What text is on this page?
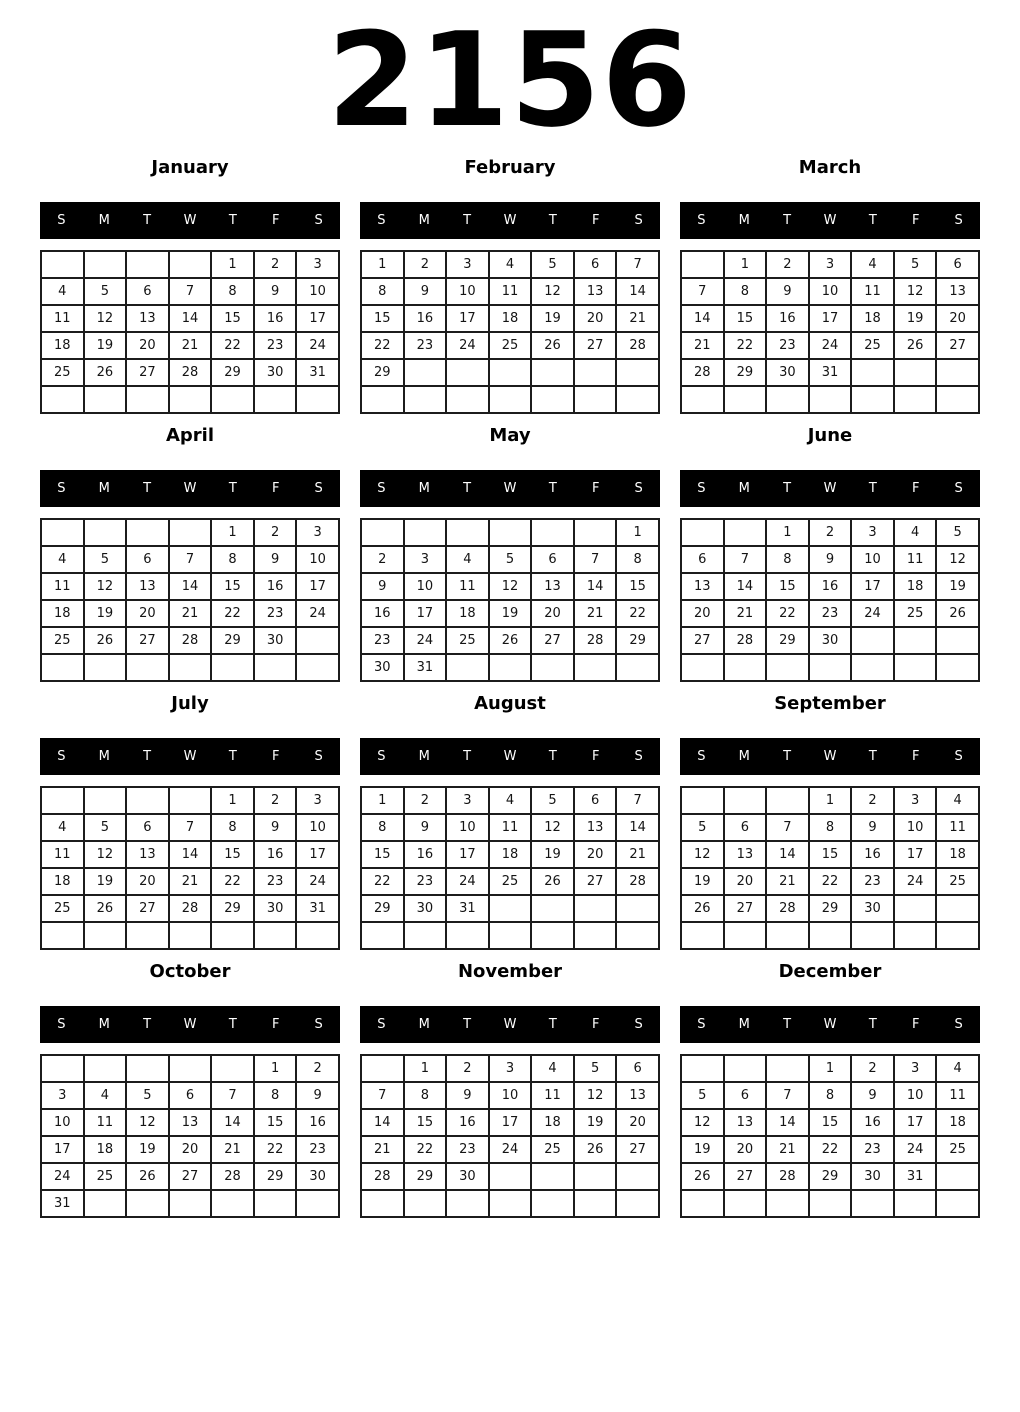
2156
January
S	M	T	W	T	F	S
				1	2	3
4	5	6	7	8	9	10
11	12	13	14	15	16	17
18	19	20	21	22	23	24
25	26	27	28	29	30	31

February
S	M	T	W	T	F	S
1	2	3	4	5	6	7
8	9	10	11	12	13	14
15	16	17	18	19	20	21
22	23	24	25	26	27	28
29						

March
S	M	T	W	T	F	S
	1	2	3	4	5	6
7	8	9	10	11	12	13
14	15	16	17	18	19	20
21	22	23	24	25	26	27
28	29	30	31			

April
S	M	T	W	T	F	S
				1	2	3
4	5	6	7	8	9	10
11	12	13	14	15	16	17
18	19	20	21	22	23	24
25	26	27	28	29	30	

May
S	M	T	W	T	F	S
						1
2	3	4	5	6	7	8
9	10	11	12	13	14	15
16	17	18	19	20	21	22
23	24	25	26	27	28	29
30	31					
June
S	M	T	W	T	F	S
		1	2	3	4	5
6	7	8	9	10	11	12
13	14	15	16	17	18	19
20	21	22	23	24	25	26
27	28	29	30			

July
S	M	T	W	T	F	S
				1	2	3
4	5	6	7	8	9	10
11	12	13	14	15	16	17
18	19	20	21	22	23	24
25	26	27	28	29	30	31

August
S	M	T	W	T	F	S
1	2	3	4	5	6	7
8	9	10	11	12	13	14
15	16	17	18	19	20	21
22	23	24	25	26	27	28
29	30	31				

September
S	M	T	W	T	F	S
			1	2	3	4
5	6	7	8	9	10	11
12	13	14	15	16	17	18
19	20	21	22	23	24	25
26	27	28	29	30		

October
S	M	T	W	T	F	S
					1	2
3	4	5	6	7	8	9
10	11	12	13	14	15	16
17	18	19	20	21	22	23
24	25	26	27	28	29	30
31						
November
S	M	T	W	T	F	S
	1	2	3	4	5	6
7	8	9	10	11	12	13
14	15	16	17	18	19	20
21	22	23	24	25	26	27
28	29	30				

December
S	M	T	W	T	F	S
			1	2	3	4
5	6	7	8	9	10	11
12	13	14	15	16	17	18
19	20	21	22	23	24	25
26	27	28	29	30	31	
